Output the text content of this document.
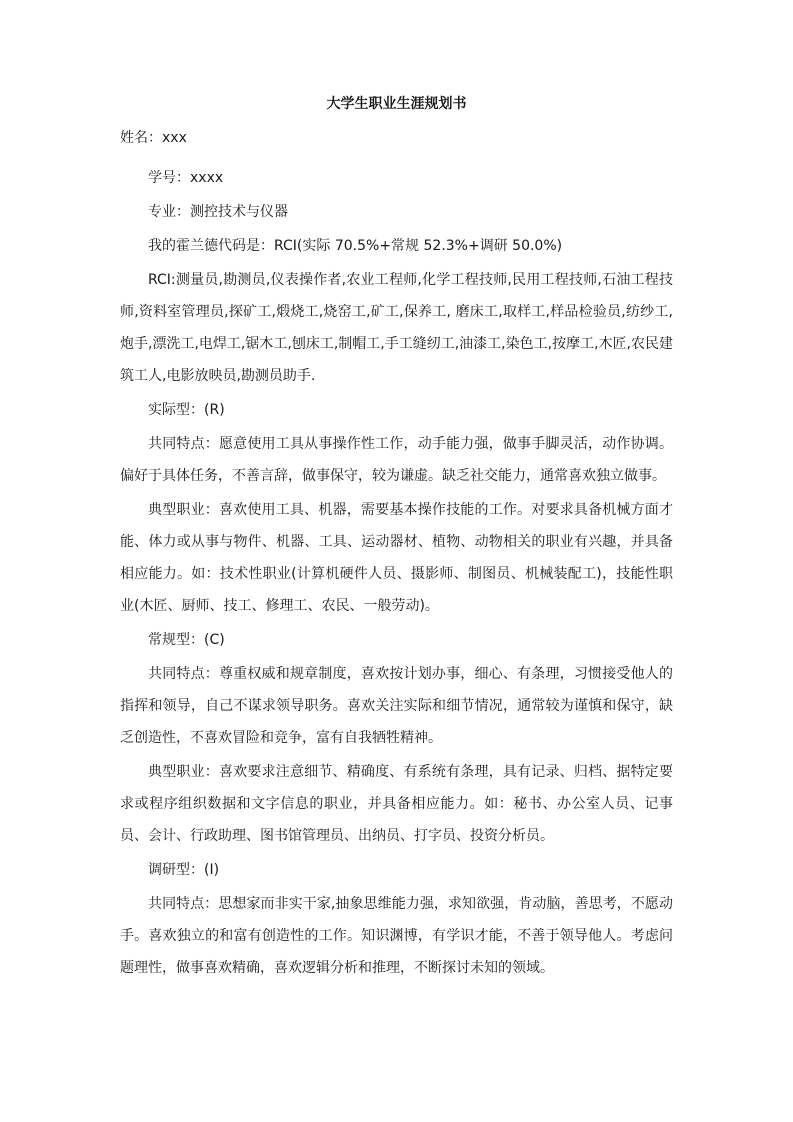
大学生职业生涯规划书
姓名：xxx

学号：xxxx

专业：测控技术与仪器

我的霍兰德代码是：RCI(实际 70.5%+常规 52.3%+调研 50.0%)

RCI:测量员,勘测员,仪表操作者,农业工程师,化学工程技师,民用工程技师,石油工程技师,资料室管理员,探矿工,煅烧工,烧窑工,矿工,保养工, 磨床工,取样工,样品检验员,纺纱工,炮手,漂洗工,电焊工,锯木工,刨床工,制帽工,手工缝纫工,油漆工,染色工,按摩工,木匠,农民建筑工人,电影放映员,勘测员助手.

实际型：(R)

共同特点：愿意使用工具从事操作性工作，动手能力强，做事手脚灵活，动作协调。偏好于具体任务，不善言辞，做事保守，较为谦虚。缺乏社交能力，通常喜欢独立做事。

典型职业：喜欢使用工具、机器，需要基本操作技能的工作。对要求具备机械方面才能、体力或从事与物件、机器、工具、运动器材、植物、动物相关的职业有兴趣，并具备相应能力。如：技术性职业(计算机硬件人员、摄影师、制图员、机械装配工)，技能性职业(木匠、厨师、技工、修理工、农民、一般劳动)。

常规型：(C)

共同特点：尊重权威和规章制度，喜欢按计划办事，细心、有条理，习惯接受他人的指挥和领导，自己不谋求领导职务。喜欢关注实际和细节情况，通常较为谨慎和保守，缺乏创造性，不喜欢冒险和竞争，富有自我牺牲精神。

典型职业：喜欢要求注意细节、精确度、有系统有条理，具有记录、归档、据特定要求或程序组织数据和文字信息的职业，并具备相应能力。如：秘书、办公室人员、记事员、会计、行政助理、图书馆管理员、出纳员、打字员、投资分析员。

调研型：(I)

共同特点：思想家而非实干家,抽象思维能力强，求知欲强，肯动脑，善思考，不愿动手。喜欢独立的和富有创造性的工作。知识渊博，有学识才能，不善于领导他人。考虑问题理性，做事喜欢精确，喜欢逻辑分析和推理，不断探讨未知的领域。
